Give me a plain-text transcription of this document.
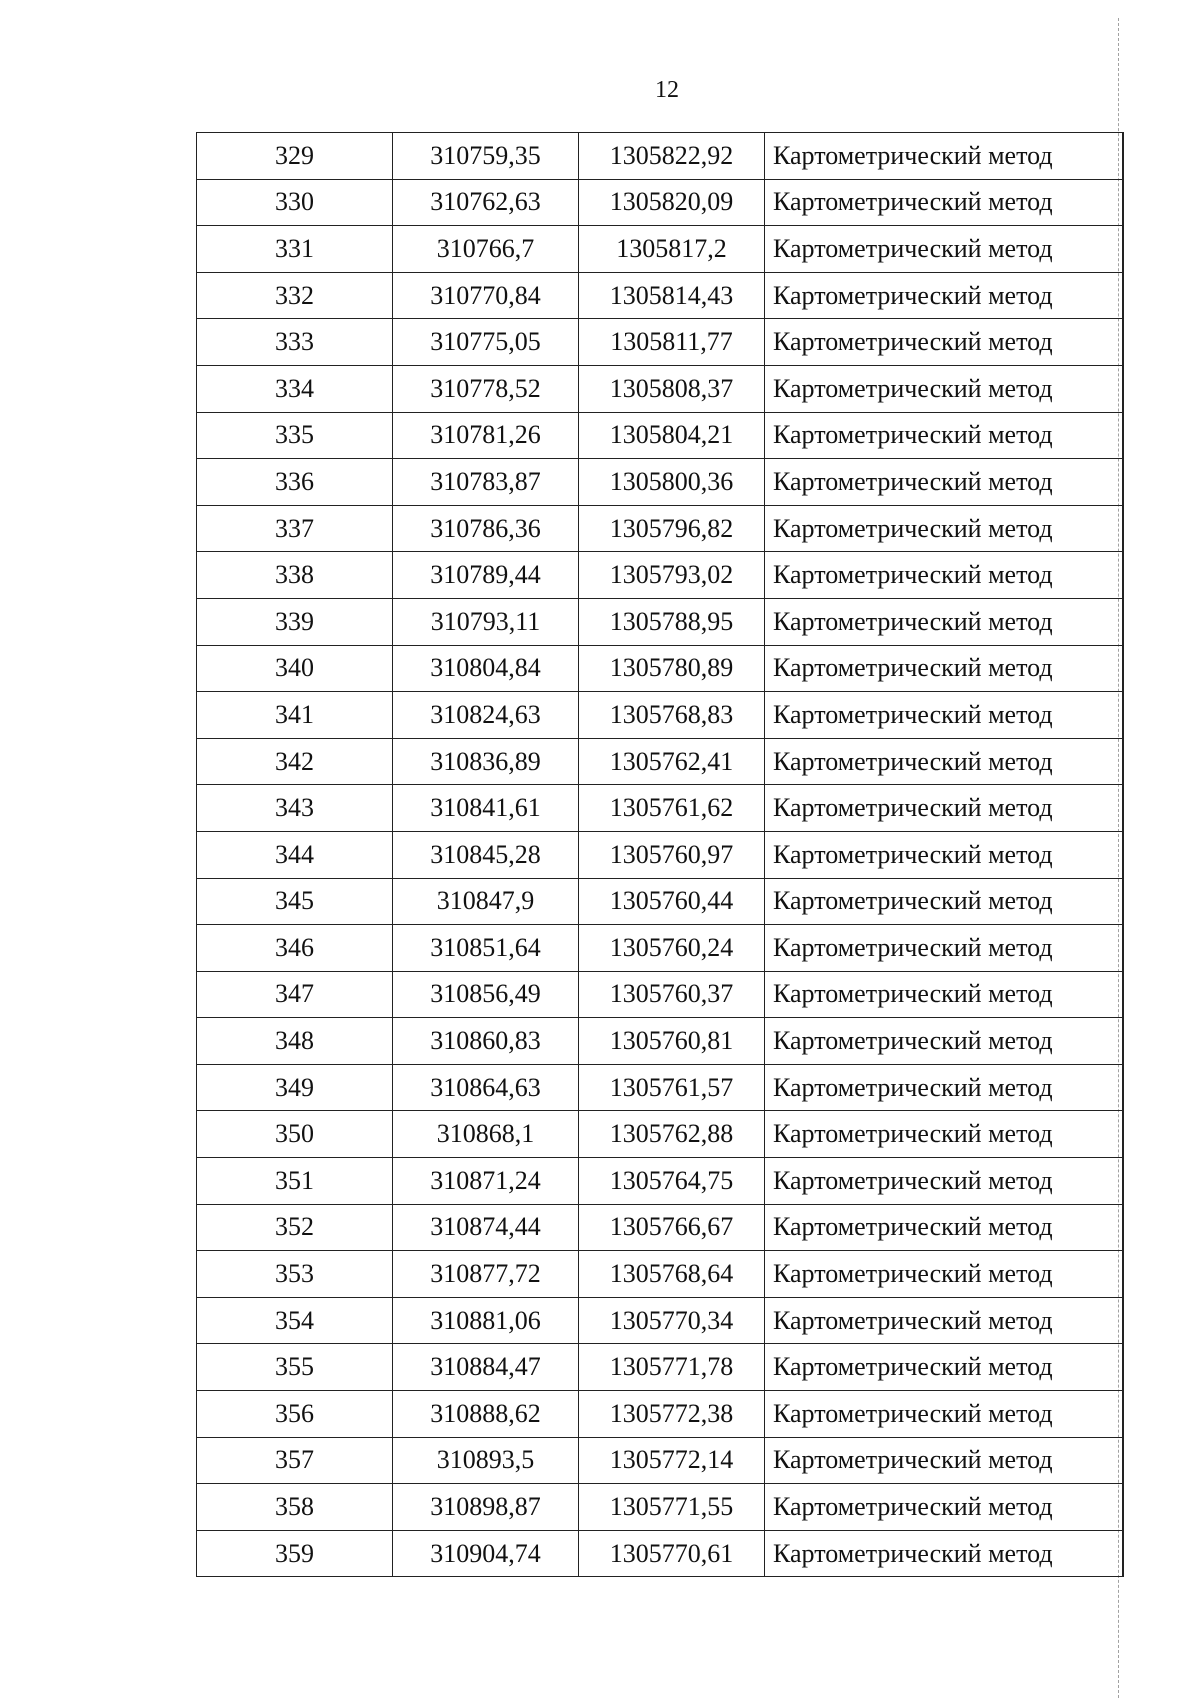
12
329	310759,35	1305822,92	Картометрический метод
330	310762,63	1305820,09	Картометрический метод
331	310766,7	1305817,2	Картометрический метод
332	310770,84	1305814,43	Картометрический метод
333	310775,05	1305811,77	Картометрический метод
334	310778,52	1305808,37	Картометрический метод
335	310781,26	1305804,21	Картометрический метод
336	310783,87	1305800,36	Картометрический метод
337	310786,36	1305796,82	Картометрический метод
338	310789,44	1305793,02	Картометрический метод
339	310793,11	1305788,95	Картометрический метод
340	310804,84	1305780,89	Картометрический метод
341	310824,63	1305768,83	Картометрический метод
342	310836,89	1305762,41	Картометрический метод
343	310841,61	1305761,62	Картометрический метод
344	310845,28	1305760,97	Картометрический метод
345	310847,9	1305760,44	Картометрический метод
346	310851,64	1305760,24	Картометрический метод
347	310856,49	1305760,37	Картометрический метод
348	310860,83	1305760,81	Картометрический метод
349	310864,63	1305761,57	Картометрический метод
350	310868,1	1305762,88	Картометрический метод
351	310871,24	1305764,75	Картометрический метод
352	310874,44	1305766,67	Картометрический метод
353	310877,72	1305768,64	Картометрический метод
354	310881,06	1305770,34	Картометрический метод
355	310884,47	1305771,78	Картометрический метод
356	310888,62	1305772,38	Картометрический метод
357	310893,5	1305772,14	Картометрический метод
358	310898,87	1305771,55	Картометрический метод
359	310904,74	1305770,61	Картометрический метод
